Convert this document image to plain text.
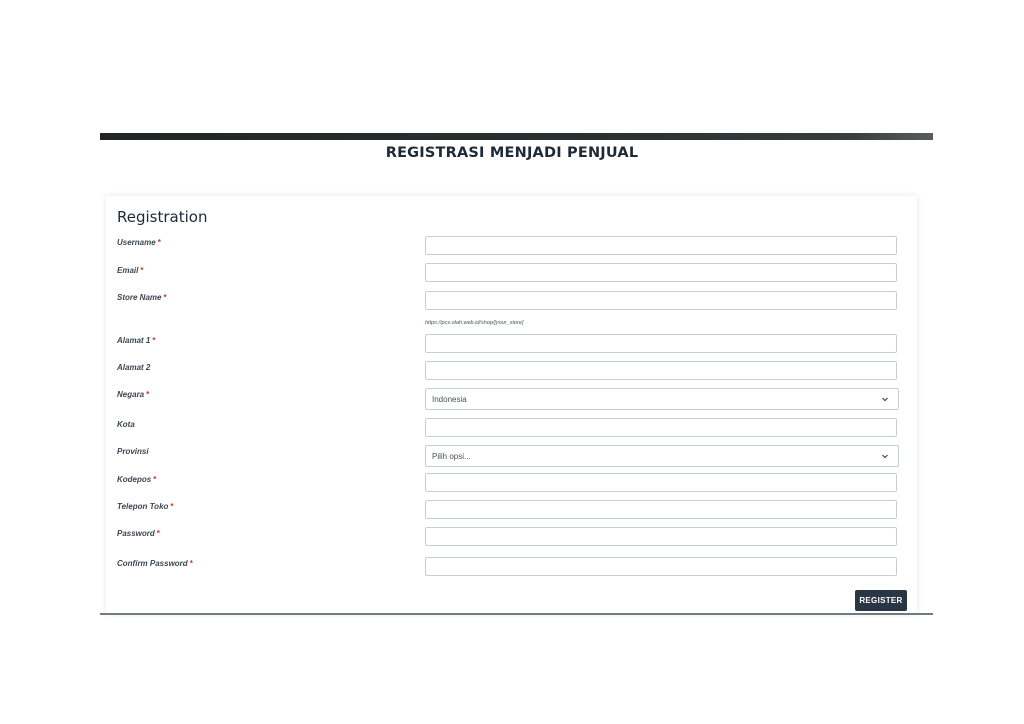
REGISTRASI MENJADI PENJUAL
Registration
Username *
Email *
Store Name *
https://pcs.olah.web.id/shop/[your_store]
Alamat 1 *
Alamat 2
Negara *
Indonesia
Kota
Provinsi
Pilih opsi...
Kodepos *
Telepon Toko *
Password *
Confirm Password *
REGISTER
